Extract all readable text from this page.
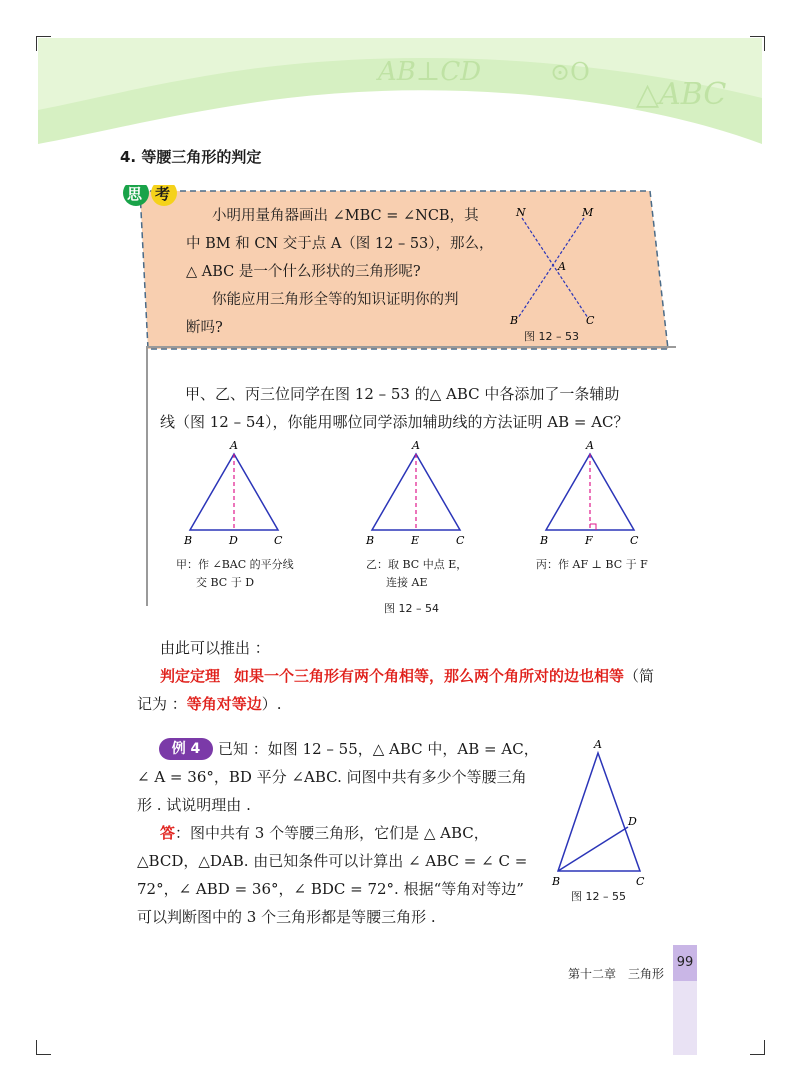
AB⊥CD	⊙O
△ABC
4. 等腰三角形的判定
思 考
小明用量角器画出 ∠MBC = ∠NCB，其
中 BM 和 CN 交于点 A（图 12 – 53），那么，
△ ABC 是一个什么形状的三角形呢?
你能应用三角形全等的知识证明你的判
断吗?
N	M
A
B	C
图 12 – 53
甲、乙、丙三位同学在图 12 – 53 的△ ABC 中各添加了一条辅助
线（图 12 – 54），你能用哪位同学添加辅助线的方法证明 AB = AC？
A
B	D	C
A
B	E	C
A
B	F	C
甲：作 ∠BAC 的平分线
交 BC 于 D
乙：取 BC 中点 E，
连接 AE
丙：作 AF ⊥ BC 于 F
图 12 – 54
由此可以推出 ：
判定定理 如果一个三角形有两个角相等，那么两个角所对的边也相等（简
记为 ：等角对等边）.
例 4	已知 ：如图 12 – 55，△ ABC 中，AB = AC，
∠ A = 36°，BD 平分 ∠ABC. 问图中共有多少个等腰三角
形 . 试说明理由 .
答：图中共有 3 个等腰三角形，它们是 △ ABC，
△BCD，△DAB. 由已知条件可以计算出 ∠ ABC = ∠ C =
72°，∠ ABD = 36°，∠ BDC = 72°. 根据“等角对等边”
可以判断图中的 3 个三角形都是等腰三角形 .
A
D
B	C
图 12 – 55
第十二章　三角形
99
